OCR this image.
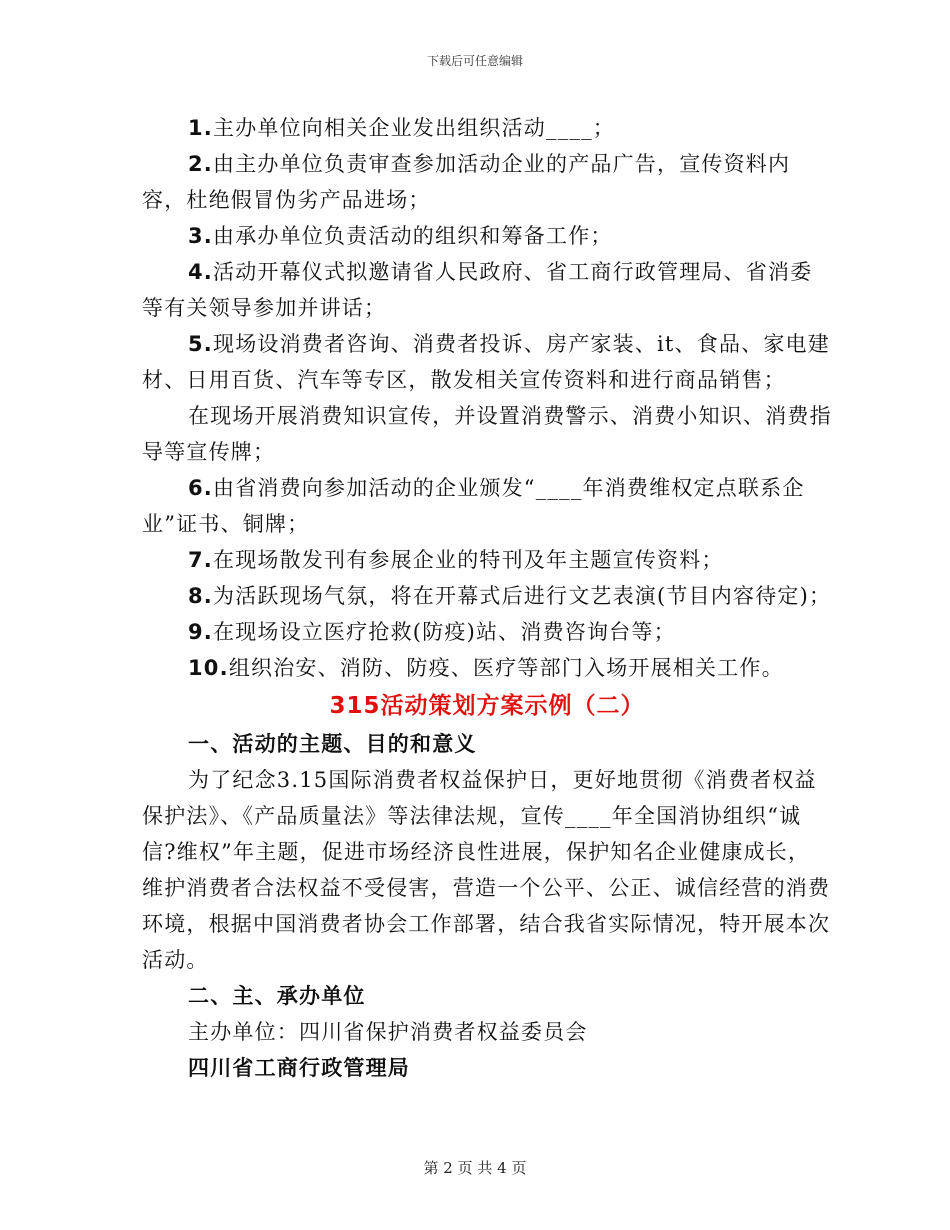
下载后可任意编辑

1.主办单位向相关企业发出组织活动____；

2.由主办单位负责审查参加活动企业的产品广告，宣传资料内容，杜绝假冒伪劣产品进场；

3.由承办单位负责活动的组织和筹备工作；

4.活动开幕仪式拟邀请省人民政府、省工商行政管理局、省消委等有关领导参加并讲话；

5.现场设消费者咨询、消费者投诉、房产家装、it、食品、家电建材、日用百货、汽车等专区，散发相关宣传资料和进行商品销售；

在现场开展消费知识宣传，并设置消费警示、消费小知识、消费指导等宣传牌；

6.由省消费向参加活动的企业颁发“____年消费维权定点联系企业”证书、铜牌；

7.在现场散发刊有参展企业的特刊及年主题宣传资料；

8.为活跃现场气氛，将在开幕式后进行文艺表演(节目内容待定)；

9.在现场设立医疗抢救(防疫)站、消费咨询台等；

10.组织治安、消防、防疫、医疗等部门入场开展相关工作。

315活动策划方案示例（二）

一、活动的主题、目的和意义

为了纪念3.15国际消费者权益保护日，更好地贯彻《消费者权益保护法》、《产品质量法》等法律法规，宣传____年全国消协组织“诚信?维权”年主题，促进市场经济良性进展，保护知名企业健康成长，维护消费者合法权益不受侵害，营造一个公平、公正、诚信经营的消费环境，根据中国消费者协会工作部署，结合我省实际情况，特开展本次活动。

二、主、承办单位

主办单位：四川省保护消费者权益委员会

四川省工商行政管理局

第 2 页 共 4 页
